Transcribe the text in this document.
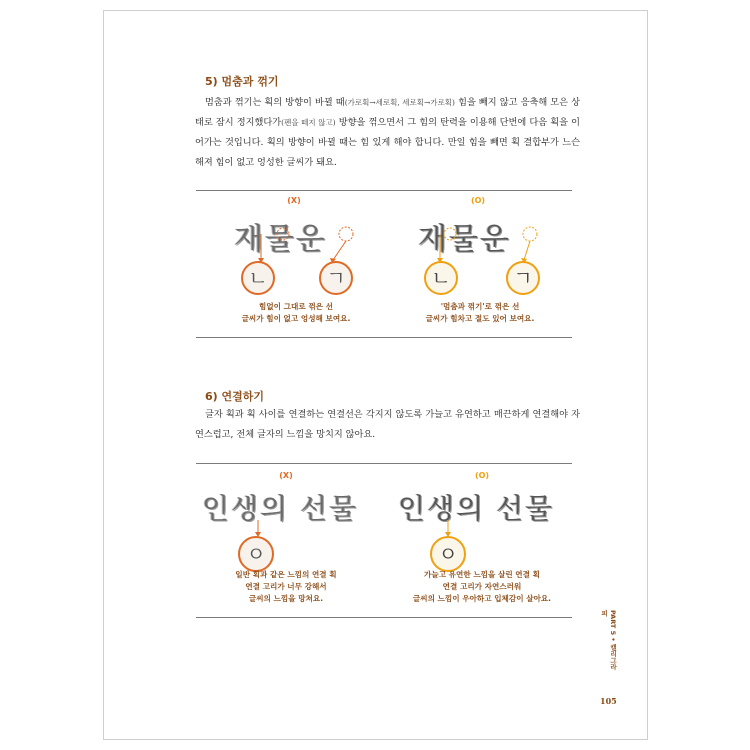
5) 멈춤과 꺾기
멈춤과 꺾기는 획의 방향이 바뀔 때(가로획→세로획, 세로획→가로획) 힘을 빼지 않고 응축해 모은 상태로 잠시 정지했다가(펜을 떼지 않고) 방향을 꺾으면서 그 힘의 탄력을 이용해 단번에 다음 획을 이어가는 것입니다. 획의 방향이 바뀔 때는 힘 있게 해야 합니다. 만일 힘을 빼면 획 결합부가 느슨해져 힘이 없고 엉성한 글씨가 돼요.
(X)
재물운
ㄴ	ㄱ
힘없이 그대로 꺾은 선
글씨가 힘이 없고 엉성해 보여요.
(O)
재물운
ㄴ	ㄱ
'멈춤과 꺾기'로 꺾은 선
글씨가 힘차고 절도 있어 보여요.
6) 연결하기
글자 획과 획 사이를 연결하는 연결선은 각지지 않도록 가늘고 유연하고 매끈하게 연결해야 자연스럽고, 전체 글자의 느낌을 망치지 않아요.
(X)
인생의 선물
ㅇ
일반 획과 같은 느낌의 연결 획
연결 고리가 너무 강해서
글씨의 느낌을 망쳐요.
(O)
인생의 선물
ㅇ
가늘고 유연한 느낌을 살린 연결 획
연결 고리가 자연스러워
글씨의 느낌이 우아하고 입체감이 살아요.
PART 5 • 캘리그라피
105
